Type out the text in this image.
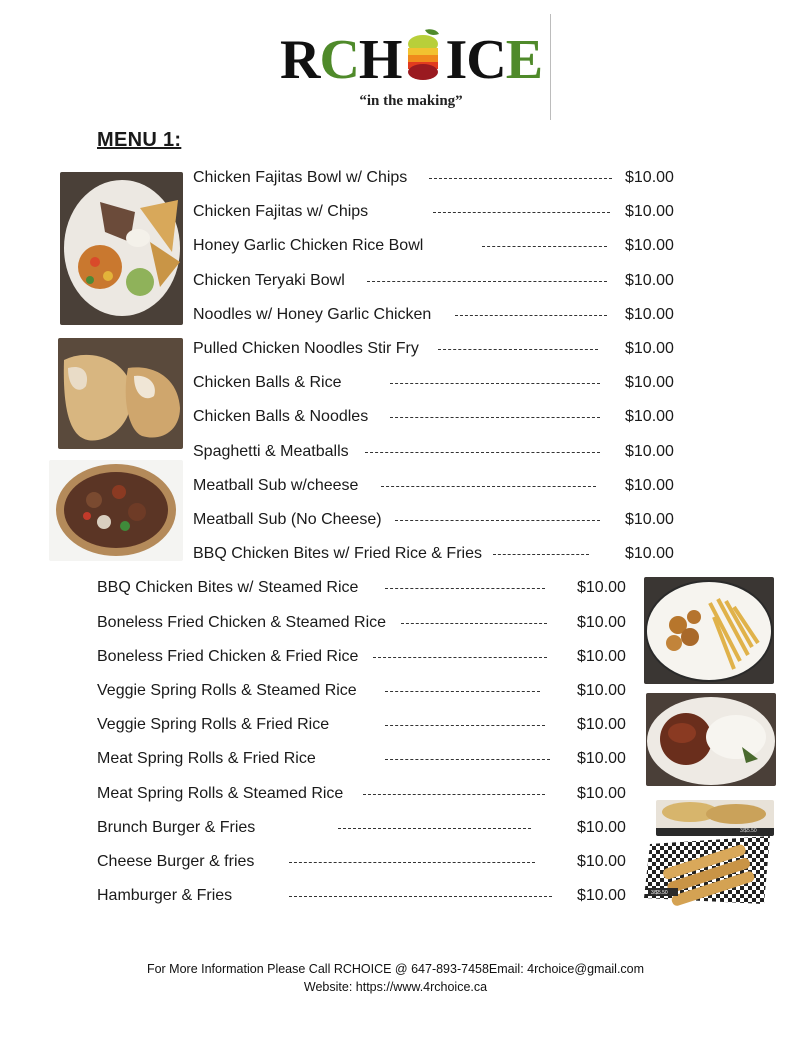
RCH ICE
“in the making”
MENU 1:
Chicken Fajitas Bowl w/ Chips	$10.00
Chicken Fajitas w/ Chips	$10.00
Honey Garlic Chicken Rice Bowl	$10.00
Chicken Teryaki Bowl	$10.00
Noodles w/ Honey Garlic Chicken	$10.00
Pulled Chicken Noodles Stir Fry	$10.00
Chicken Balls & Rice	$10.00
Chicken Balls & Noodles	$10.00
Spaghetti & Meatballs	$10.00
Meatball Sub w/cheese	$10.00
Meatball Sub (No Cheese)	$10.00
BBQ Chicken Bites w/ Fried Rice & Fries	$10.00
BBQ Chicken Bites w/ Steamed Rice	$10.00
Boneless Fried Chicken & Steamed Rice	$10.00
Boneless Fried Chicken & Fried Rice	$10.00
Veggie Spring Rolls & Steamed Rice	$10.00
Veggie Spring Rolls & Fried Rice	$10.00
Meat Spring Rolls & Fried Rice	$10.00
Meat Spring Rolls & Steamed Rice	$10.00
Brunch Burger & Fries	$10.00
Cheese Burger & fries	$10.00
Hamburger & Fries	$10.00
3/$5.50
3/$5.50
For More Information Please Call RCHOICE @ 647-893-7458Email: 4rchoice@gmail.com
Website: https://www.4rchoice.ca
